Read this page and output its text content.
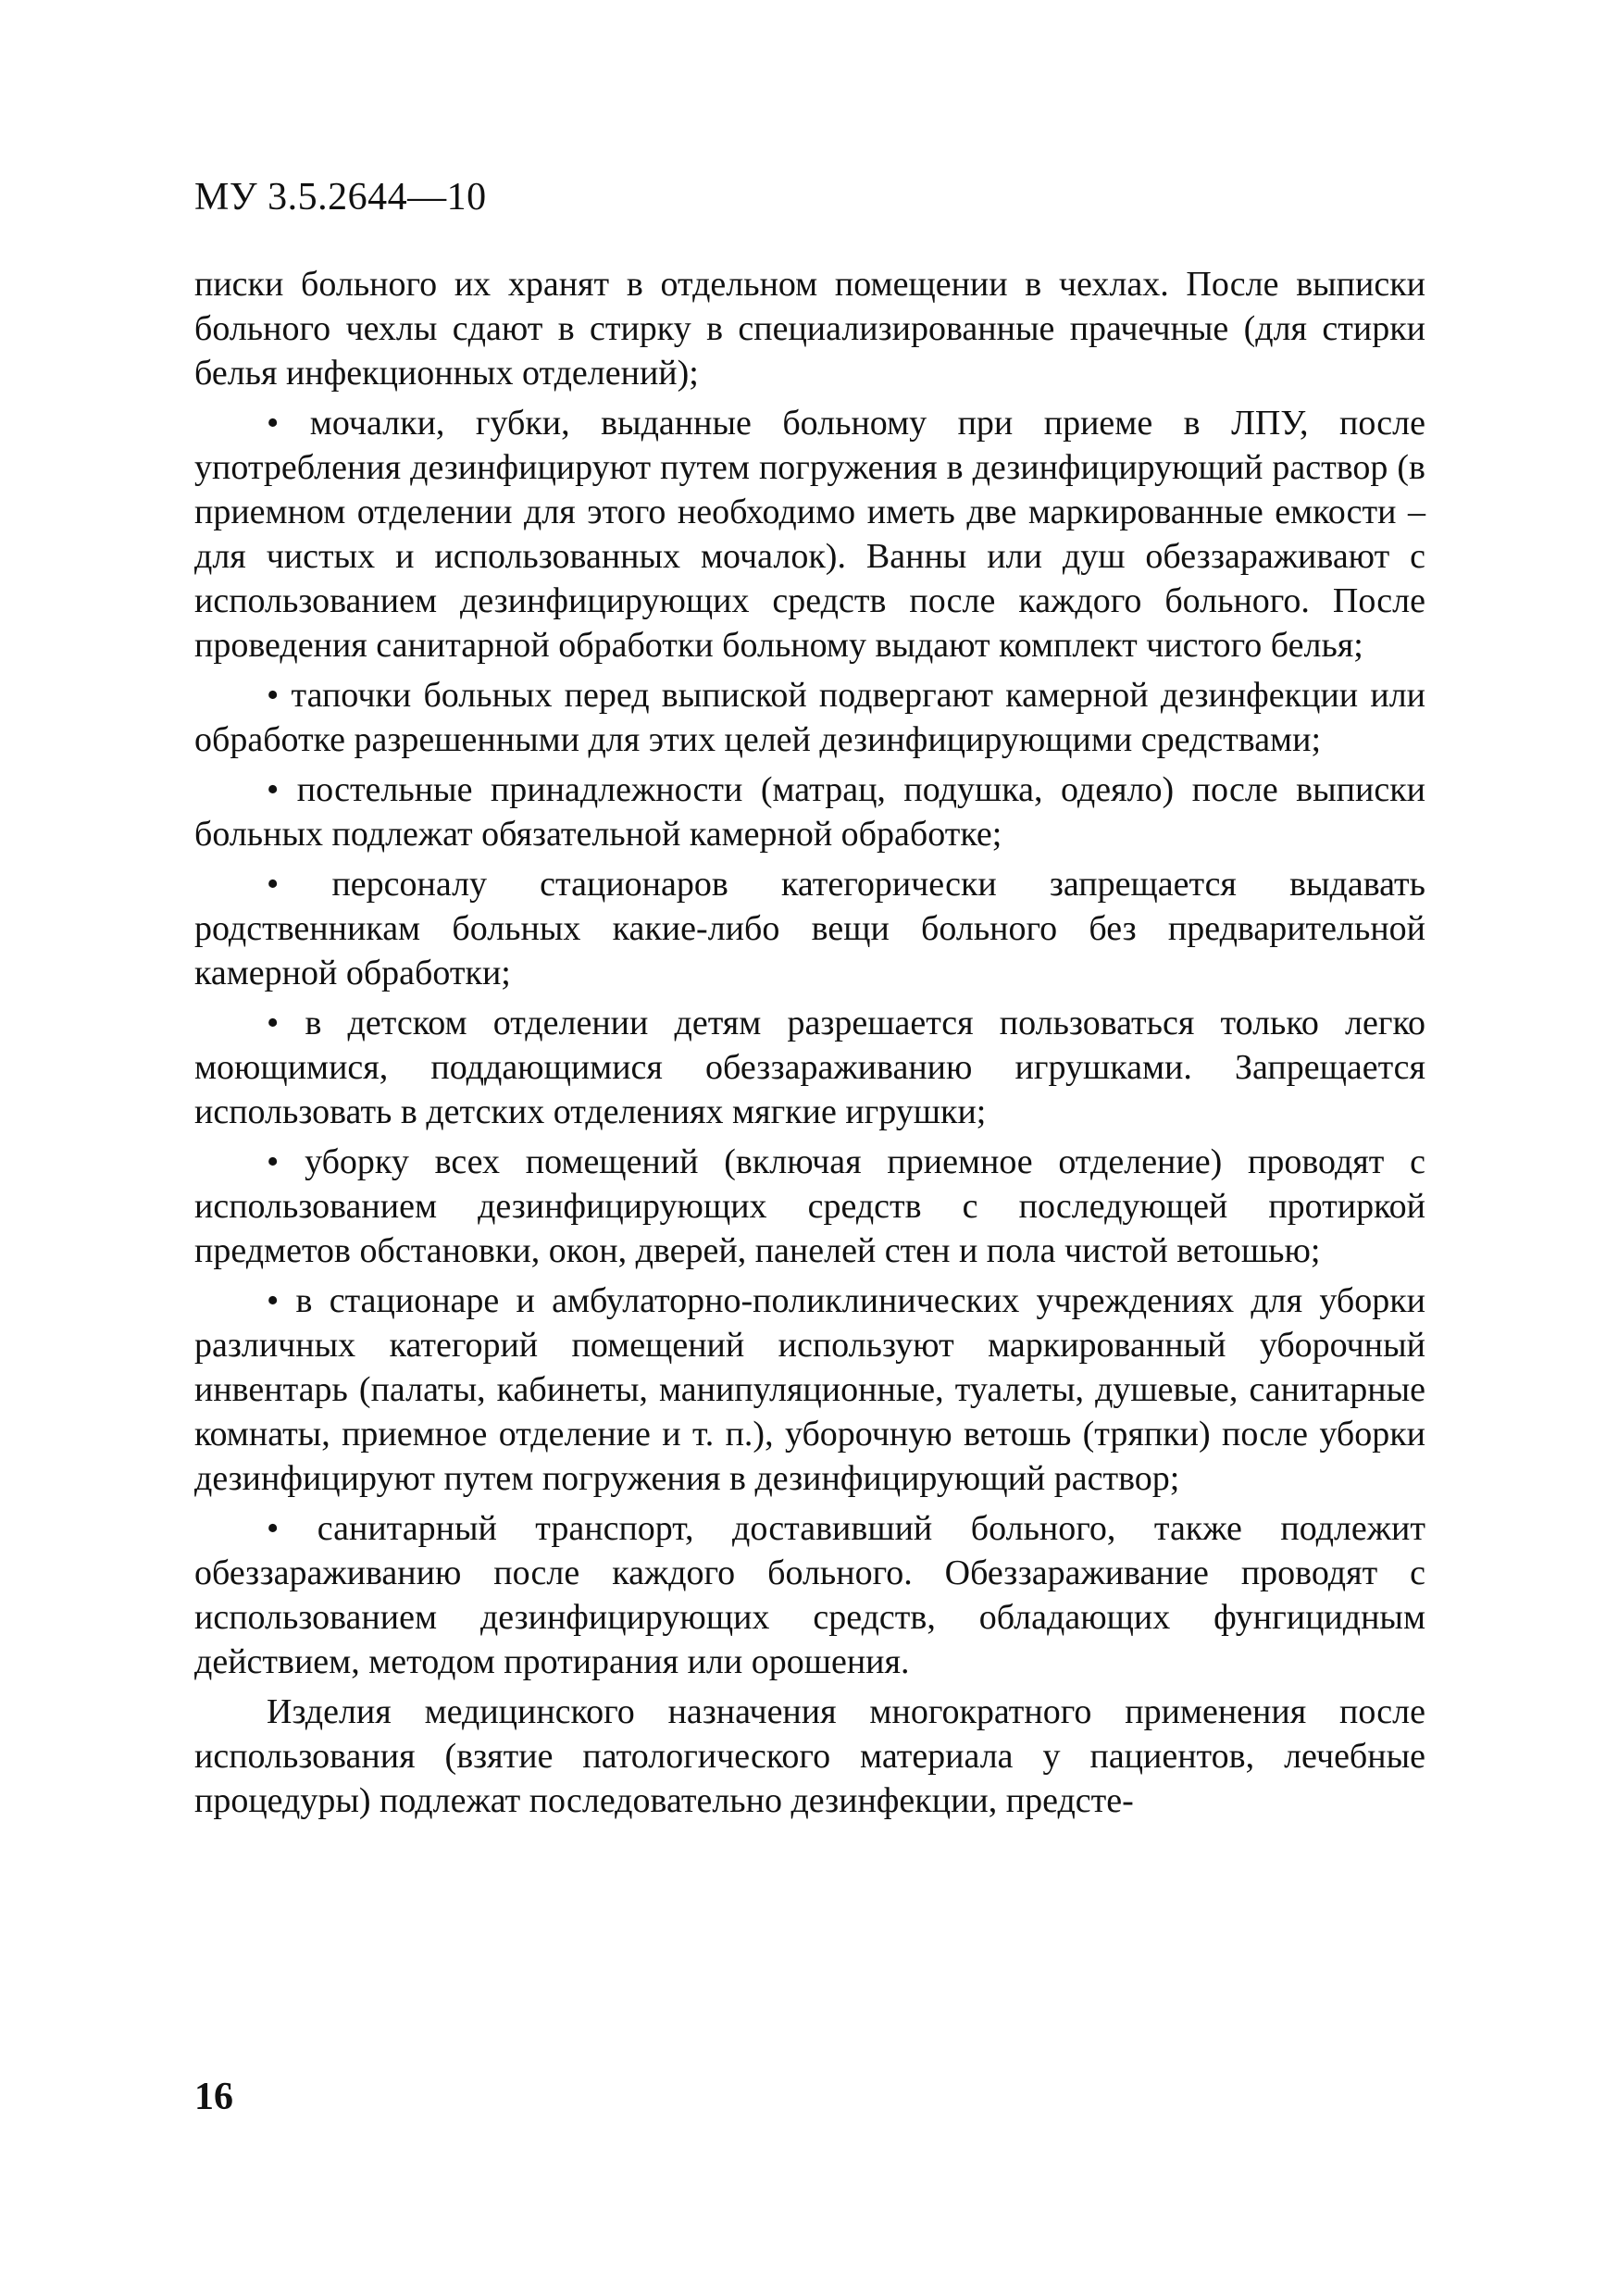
МУ 3.5.2644—10

писки больного их хранят в отдельном помещении в чехлах. После выписки больного чехлы сдают в стирку в специализированные прачечные (для стирки белья инфекционных отделений);

• мочалки, губки, выданные больному при приеме в ЛПУ, после употребления дезинфицируют путем погружения в дезинфицирующий раствор (в приемном отделении для этого необходимо иметь две маркированные емкости – для чистых и использованных мочалок). Ванны или душ обеззараживают с использованием дезинфицирующих средств после каждого больного. После проведения санитарной обработки больному выдают комплект чистого белья;

• тапочки больных перед выпиской подвергают камерной дезинфекции или обработке разрешенными для этих целей дезинфицирующими средствами;

• постельные принадлежности (матрац, подушка, одеяло) после выписки больных подлежат обязательной камерной обработке;

• персоналу стационаров категорически запрещается выдавать родственникам больных какие-либо вещи больного без предварительной камерной обработки;

• в детском отделении детям разрешается пользоваться только легко моющимися, поддающимися обеззараживанию игрушками. Запрещается использовать в детских отделениях мягкие игрушки;

• уборку всех помещений (включая приемное отделение) проводят с использованием дезинфицирующих средств с последующей протиркой предметов обстановки, окон, дверей, панелей стен и пола чистой ветошью;

• в стационаре и амбулаторно-поликлинических учреждениях для уборки различных категорий помещений используют маркированный уборочный инвентарь (палаты, кабинеты, манипуляционные, туалеты, душевые, санитарные комнаты, приемное отделение и т. п.), уборочную ветошь (тряпки) после уборки дезинфицируют путем погружения в дезинфицирующий раствор;

• санитарный транспорт, доставивший больного, также подлежит обеззараживанию после каждого больного. Обеззараживание проводят с использованием дезинфицирующих средств, обладающих фунгицидным действием, методом протирания или орошения.

Изделия медицинского назначения многократного применения после использования (взятие патологического материала у пациентов, лечебные процедуры) подлежат последовательно дезинфекции, предсте-

16
